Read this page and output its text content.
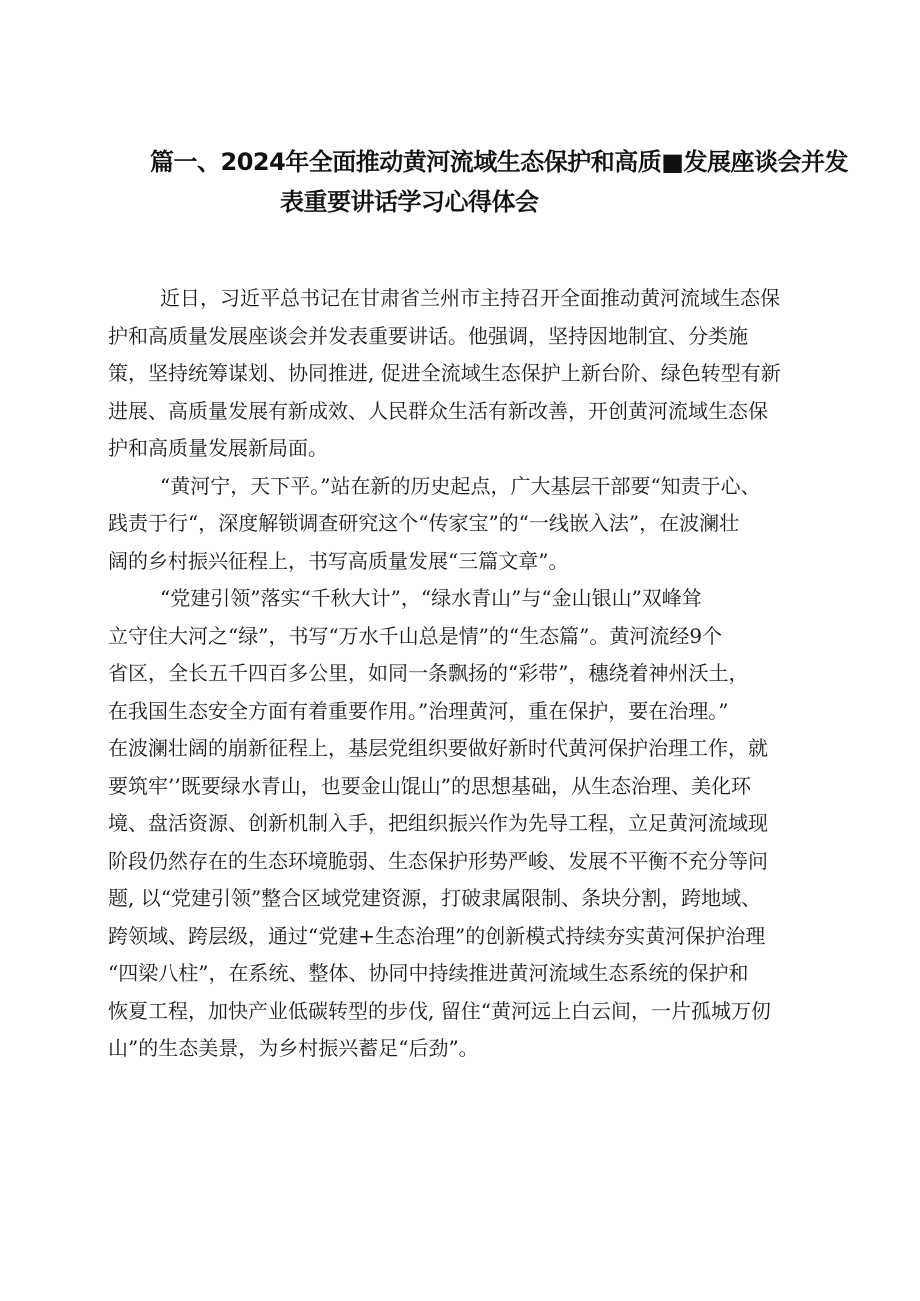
篇一、2024年全面推动黄河流域生态保护和高质■发展座谈会并发
表重要讲话学习心得体会

近日，习近平总书记在甘肃省兰州市主持召开全面推动黄河流域生态保
护和高质量发展座谈会并发表重要讲话。他强调，坚持因地制宜、分类施
策，坚持统筹谋划、协同推进, 促进全流域生态保护上新台阶、绿色转型有新
进展、高质量发展有新成效、人民群众生活有新改善，开创黄河流域生态保
护和高质量发展新局面。

“黄河宁，天下平。”站在新的历史起点，广大基层干部要“知责于心、
践责于行“，深度解锁调查研究这个“传家宝”的“一线嵌入法”，在波澜壮
阔的乡村振兴征程上，书写高质量发展“三篇文章”。

“党建引领”落实“千秋大计”，“绿水青山”与“金山银山”双峰耸
立守住大河之“绿”，书写“万水千山总是情”的“生态篇”。黄河流经9个
省区，全长五千四百多公里，如同一条飘扬的“彩带”，穗绕着神州沃土，
在我国生态安全方面有着重要作用。”治理黄河，重在保护，要在治理。”
在波澜壮阔的崩新征程上，基层党组织要做好新时代黄河保护治理工作，就
要筑牢’’既要绿水青山，也要金山馄山”的思想基础，从生态治理、美化环
境、盘活资源、创新机制入手，把组织振兴作为先导工程，立足黄河流域现
阶段仍然存在的生态环境脆弱、生态保护形势严峻、发展不平衡不充分等问
题, 以“党建引领”整合区域党建资源，打破隶属限制、条块分割，跨地域、
跨领域、跨层级，通过“党建+生态治理”的创新模式持续夯实黄河保护治理
“四梁八柱”，在系统、整体、协同中持续推进黄河流域生态系统的保护和
恢夏工程，加快产业低碳转型的步伐, 留住“黄河远上白云间，一片孤城万仞
山”的生态美景，为乡村振兴蓄足“后劲”。
